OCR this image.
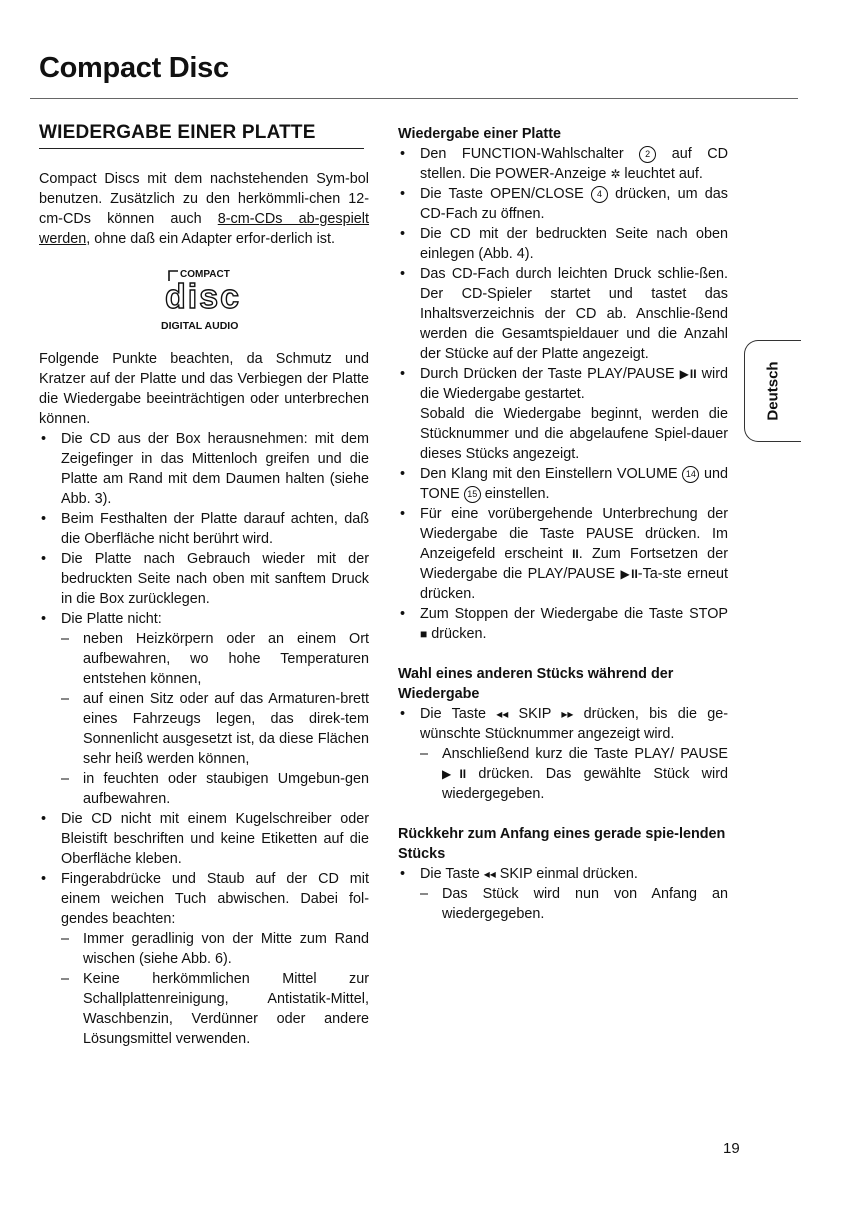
Compact Disc
WIEDERGABE EINER PLATTE

Compact Discs mit dem nachstehenden Sym-bol benutzen. Zusätzlich zu den herkömmli-chen 12-cm-CDs können auch 8-cm-CDs ab-gespielt werden, ohne daß ein Adapter erfor-derlich ist.

COMPACT
disc
DIGITAL AUDIO

Folgende Punkte beachten, da Schmutz und Kratzer auf der Platte und das Verbiegen der Platte die Wiedergabe beeinträchtigen oder unterbrechen können.

• Die CD aus der Box herausnehmen: mit dem Zeigefinger in das Mittenloch greifen und die Platte am Rand mit dem Daumen halten (siehe Abb. 3).
• Beim Festhalten der Platte darauf achten, daß die Oberfläche nicht berührt wird.
• Die Platte nach Gebrauch wieder mit der bedruckten Seite nach oben mit sanftem Druck in die Box zurücklegen.
• Die Platte nicht:
– neben Heizkörpern oder an einem Ort aufbewahren, wo hohe Temperaturen entstehen können,
– auf einen Sitz oder auf das Armaturen-brett eines Fahrzeugs legen, das direk-tem Sonnenlicht ausgesetzt ist, da diese Flächen sehr heiß werden können,
– in feuchten oder staubigen Umgebun-gen aufbewahren.
• Die CD nicht mit einem Kugelschreiber oder Bleistift beschriften und keine Etiketten auf die Oberfläche kleben.
• Fingerabdrücke und Staub auf der CD mit einem weichen Tuch abwischen. Dabei fol-gendes beachten:
– Immer geradlinig von der Mitte zum Rand wischen (siehe Abb. 6).
– Keine herkömmlichen Mittel zur Schallplattenreinigung, Antistatik-Mittel, Waschbenzin, Verdünner oder andere Lösungsmittel verwenden.
Wiedergabe einer Platte
• Den FUNCTION-Wahlschalter 2 auf CD stellen. Die POWER-Anzeige ✲ leuchtet auf.
• Die Taste OPEN/CLOSE 4 drücken, um das CD-Fach zu öffnen.
• Die CD mit der bedruckten Seite nach oben einlegen (Abb. 4).
• Das CD-Fach durch leichten Druck schlie-ßen. Der CD-Spieler startet und tastet das Inhaltsverzeichnis der CD ab. Anschlie-ßend werden die Gesamtspieldauer und die Anzahl der Stücke auf der Platte angezeigt.
• Durch Drücken der Taste PLAY/PAUSE ▶II wird die Wiedergabe gestartet.
Sobald die Wiedergabe beginnt, werden die Stücknummer und die abgelaufene Spiel-dauer dieses Stücks angezeigt.
• Den Klang mit den Einstellern VOLUME 14 und TONE 15 einstellen.
• Für eine vorübergehende Unterbrechung der Wiedergabe die Taste PAUSE drücken. Im Anzeigefeld erscheint II. Zum Fortsetzen der Wiedergabe die PLAY/PAUSE ▶II-Ta-ste erneut drücken.
• Zum Stoppen der Wiedergabe die Taste STOP ■ drücken.
Wahl eines anderen Stücks während der Wiedergabe
• Die Taste ◂◂ SKIP ▸▸ drücken, bis die ge-wünschte Stücknummer angezeigt wird.
– Anschließend kurz die Taste PLAY/ PAUSE ▶II drücken. Das gewählte Stück wird wiedergegeben.
Rückkehr zum Anfang eines gerade spie-lenden Stücks
• Die Taste ◂◂ SKIP einmal drücken.
– Das Stück wird nun von Anfang an wiedergegeben.
Deutsch
19
